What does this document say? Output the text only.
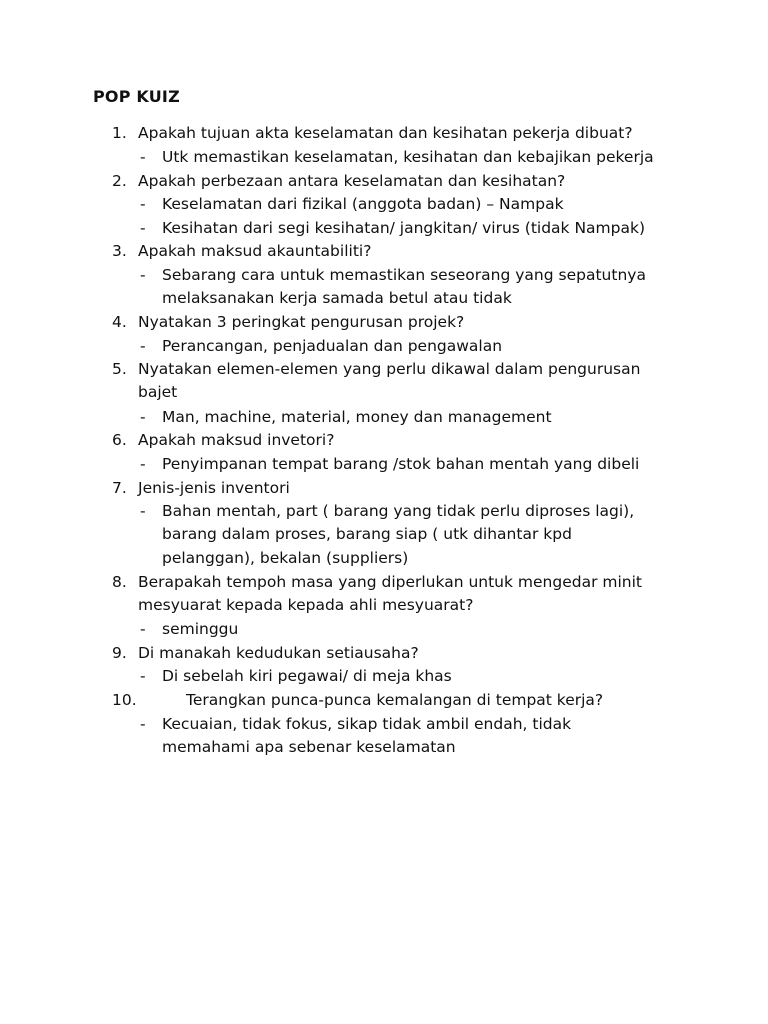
POP KUIZ
1. Apakah tujuan akta keselamatan dan kesihatan pekerja dibuat?
- Utk memastikan keselamatan, kesihatan dan kebajikan pekerja
2. Apakah perbezaan antara keselamatan dan kesihatan?
- Keselamatan dari fizikal (anggota badan) – Nampak
- Kesihatan dari segi kesihatan/ jangkitan/ virus (tidak Nampak)
3. Apakah maksud akauntabiliti?
- Sebarang cara untuk memastikan seseorang yang sepatutnya
melaksanakan kerja samada betul atau tidak
4. Nyatakan 3 peringkat pengurusan projek?
- Perancangan, penjadualan dan pengawalan
5. Nyatakan elemen-elemen yang perlu dikawal dalam pengurusan
bajet
- Man, machine, material, money dan management
6. Apakah maksud invetori?
- Penyimpanan tempat barang /stok bahan mentah yang dibeli
7. Jenis-jenis inventori
- Bahan mentah, part ( barang yang tidak perlu diproses lagi),
barang dalam proses, barang siap ( utk dihantar kpd
pelanggan), bekalan (suppliers)
8. Berapakah tempoh masa yang diperlukan untuk mengedar minit
mesyuarat kepada kepada ahli mesyuarat?
- seminggu
9. Di manakah kedudukan setiausaha?
- Di sebelah kiri pegawai/ di meja khas
10.	Terangkan punca-punca kemalangan di tempat kerja?
- Kecuaian, tidak fokus, sikap tidak ambil endah, tidak
memahami apa sebenar keselamatan
